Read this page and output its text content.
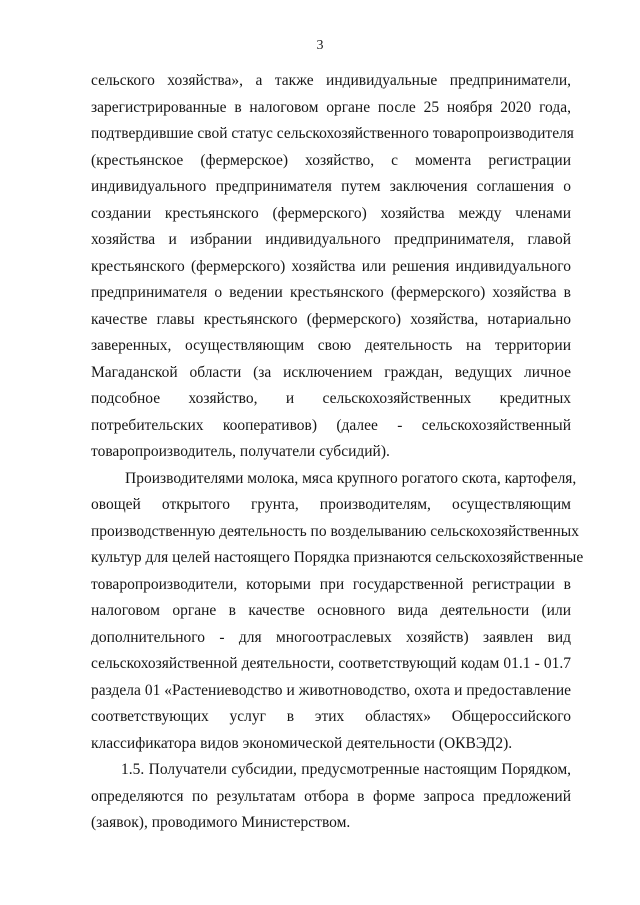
3
сельского хозяйства», а также индивидуальные предприниматели,
зарегистрированные в налоговом органе после 25 ноября 2020 года,
подтвердившие свой статус сельскохозяйственного товаропроизводителя
(крестьянское (фермерское) хозяйство, с момента регистрации
индивидуального предпринимателя путем заключения соглашения о
создании крестьянского (фермерского) хозяйства между членами
хозяйства и избрании индивидуального предпринимателя, главой
крестьянского (фермерского) хозяйства или решения индивидуального
предпринимателя о ведении крестьянского (фермерского) хозяйства в
качестве главы крестьянского (фермерского) хозяйства, нотариально
заверенных, осуществляющим свою деятельность на территории
Магаданской области (за исключением граждан, ведущих личное
подсобное хозяйство, и сельскохозяйственных кредитных
потребительских кооперативов) (далее - сельскохозяйственный
товаропроизводитель, получатели субсидий).
Производителями молока, мяса крупного рогатого скота, картофеля,
овощей открытого грунта, производителям, осуществляющим
производственную деятельность по возделыванию сельскохозяйственных
культур для целей настоящего Порядка признаются сельскохозяйственные
товаропроизводители, которыми при государственной регистрации в
налоговом органе в качестве основного вида деятельности (или
дополнительного - для многоотраслевых хозяйств) заявлен вид
сельскохозяйственной деятельности, соответствующий кодам 01.1 - 01.7
раздела 01 «Растениеводство и животноводство, охота и предоставление
соответствующих услуг в этих областях» Общероссийского
классификатора видов экономической деятельности (ОКВЭД2).
1.5. Получатели субсидии, предусмотренные настоящим Порядком,
определяются по результатам отбора в форме запроса предложений
(заявок), проводимого Министерством.
